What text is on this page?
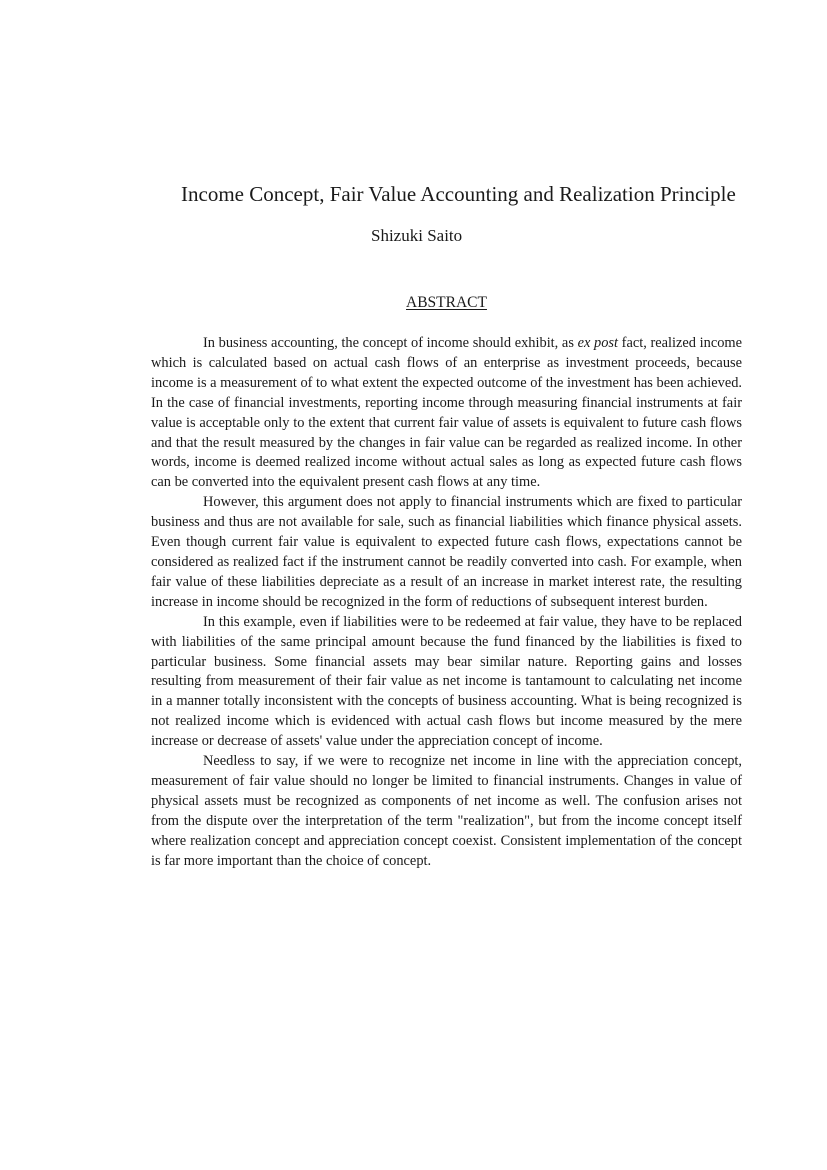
Income Concept, Fair Value Accounting and Realization Principle
Shizuki Saito
ABSTRACT

In business accounting, the concept of income should exhibit, as ex post fact, realized income which is calculated based on actual cash flows of an enterprise as investment proceeds, because income is a measurement of to what extent the expected outcome of the investment has been achieved. In the case of financial investments, reporting income through measuring financial instruments at fair value is acceptable only to the extent that current fair value of assets is equivalent to future cash flows and that the result measured by the changes in fair value can be regarded as realized income. In other words, income is deemed realized income without actual sales as long as expected future cash flows can be converted into the equivalent present cash flows at any time.

However, this argument does not apply to financial instruments which are fixed to particular business and thus are not available for sale, such as financial liabilities which finance physical assets. Even though current fair value is equivalent to expected future cash flows, expectations cannot be considered as realized fact if the instrument cannot be readily converted into cash. For example, when fair value of these liabilities depreciate as a result of an increase in market interest rate, the resulting increase in income should be recognized in the form of reductions of subsequent interest burden.

In this example, even if liabilities were to be redeemed at fair value, they have to be replaced with liabilities of the same principal amount because the fund financed by the liabilities is fixed to particular business. Some financial assets may bear similar nature. Reporting gains and losses resulting from measurement of their fair value as net income is tantamount to calculating net income in a manner totally inconsistent with the concepts of business accounting. What is being recognized is not realized income which is evidenced with actual cash flows but income measured by the mere increase or decrease of assets' value under the appreciation concept of income.

Needless to say, if we were to recognize net income in line with the appreciation concept, measurement of fair value should no longer be limited to financial instruments. Changes in value of physical assets must be recognized as components of net income as well. The confusion arises not from the dispute over the interpretation of the term "realization", but from the income concept itself where realization concept and appreciation concept coexist. Consistent implementation of the concept is far more important than the choice of concept.
